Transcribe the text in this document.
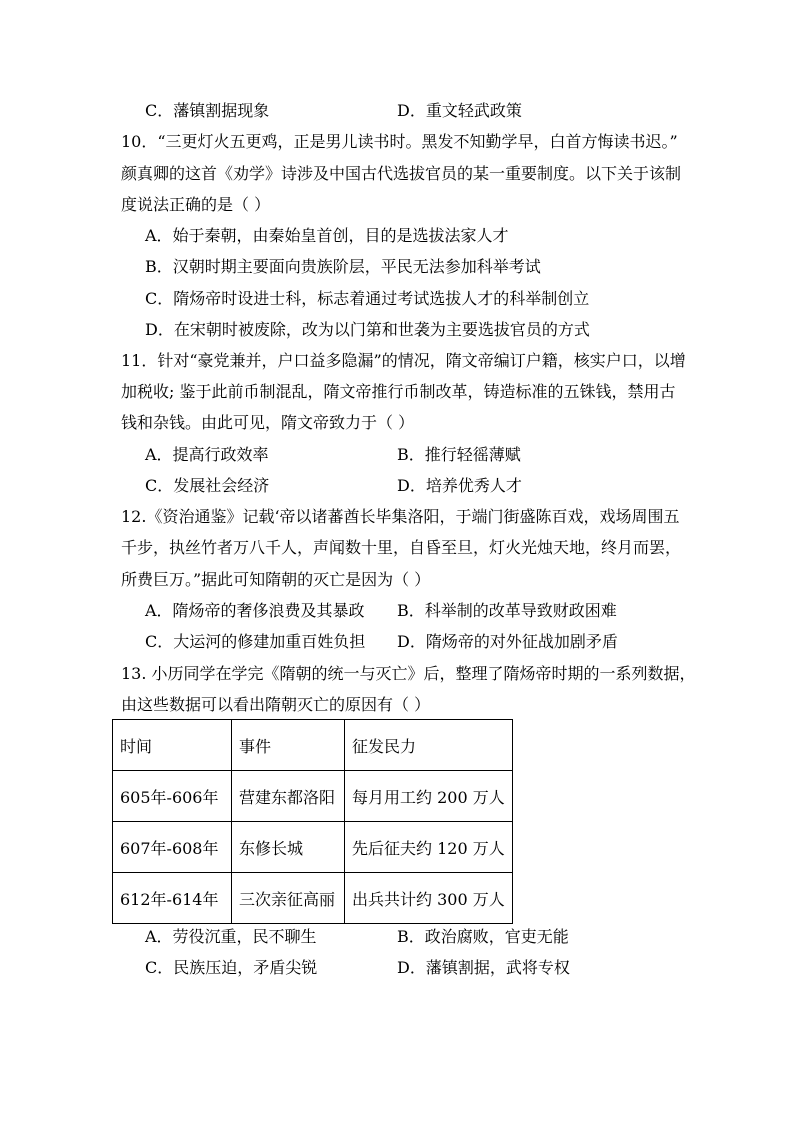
C．藩镇割据现象	D．重文轻武政策
10．“三更灯火五更鸡，正是男儿读书时。黑发不知勤学早，白首方悔读书迟。”
颜真卿的这首《劝学》诗涉及中国古代选拔官员的某一重要制度。以下关于该制
度说法正确的是（ ）
A．始于秦朝，由秦始皇首创，目的是选拔法家人才
B．汉朝时期主要面向贵族阶层，平民无法参加科举考试
C．隋炀帝时设进士科，标志着通过考试选拔人才的科举制创立
D．在宋朝时被废除，改为以门第和世袭为主要选拔官员的方式
11．针对“豪党兼并，户口益多隐漏”的情况，隋文帝编订户籍，核实户口，以增
加税收; 鉴于此前币制混乱，隋文帝推行币制改革，铸造标准的五铢钱，禁用古
钱和杂钱。由此可见，隋文帝致力于（ ）
A．提高行政效率	B．推行轻徭薄赋
C．发展社会经济	D．培养优秀人才
12.《资治通鉴》记载‘帝以诸蕃酋长毕集洛阳，于端门街盛陈百戏，戏场周围五
千步，执丝竹者万八千人，声闻数十里，自昏至旦，灯火光烛天地，终月而罢，
所费巨万。”据此可知隋朝的灭亡是因为（ ）
A．隋炀帝的奢侈浪费及其暴政 B．科举制的改革导致财政困难
C．大运河的修建加重百姓负担 D．隋炀帝的对外征战加剧矛盾
13. 小历同学在学完《隋朝的统一与灭亡》后，整理了隋炀帝时期的一系列数据，
由这些数据可以看出隋朝灭亡的原因有（ ）
时间	事件	征发民力
605年-606年	营建东都洛阳	每月用工约 200 万人
607年-608年	东修长城	先后征夫约 120 万人
612年-614年	三次亲征高丽	出兵共计约 300 万人
A．劳役沉重，民不聊生	B．政治腐败，官吏无能
C．民族压迫，矛盾尖锐	D．藩镇割据，武将专权
